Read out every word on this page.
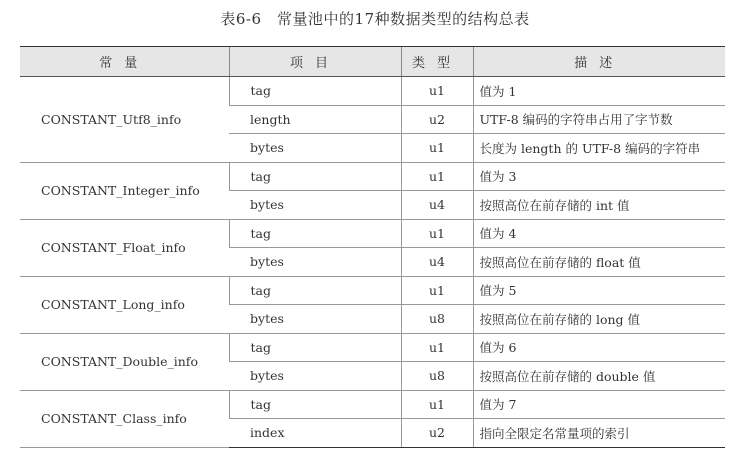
表6-6　常量池中的17种数据类型的结构总表
常量	项目	类型	描述
CONSTANT_Utf8_info	tag	u1	值为 1
	length	u2	UTF-8 编码的字符串占用了字节数
	bytes	u1	长度为 length 的 UTF-8 编码的字符串
CONSTANT_Integer_info	tag	u1	值为 3
	bytes	u4	按照高位在前存储的 int 值
CONSTANT_Float_info	tag	u1	值为 4
	bytes	u4	按照高位在前存储的 float 值
CONSTANT_Long_info	tag	u1	值为 5
	bytes	u8	按照高位在前存储的 long 值
CONSTANT_Double_info	tag	u1	值为 6
	bytes	u8	按照高位在前存储的 double 值
CONSTANT_Class_info	tag	u1	值为 7
	index	u2	指向全限定名常量项的索引
